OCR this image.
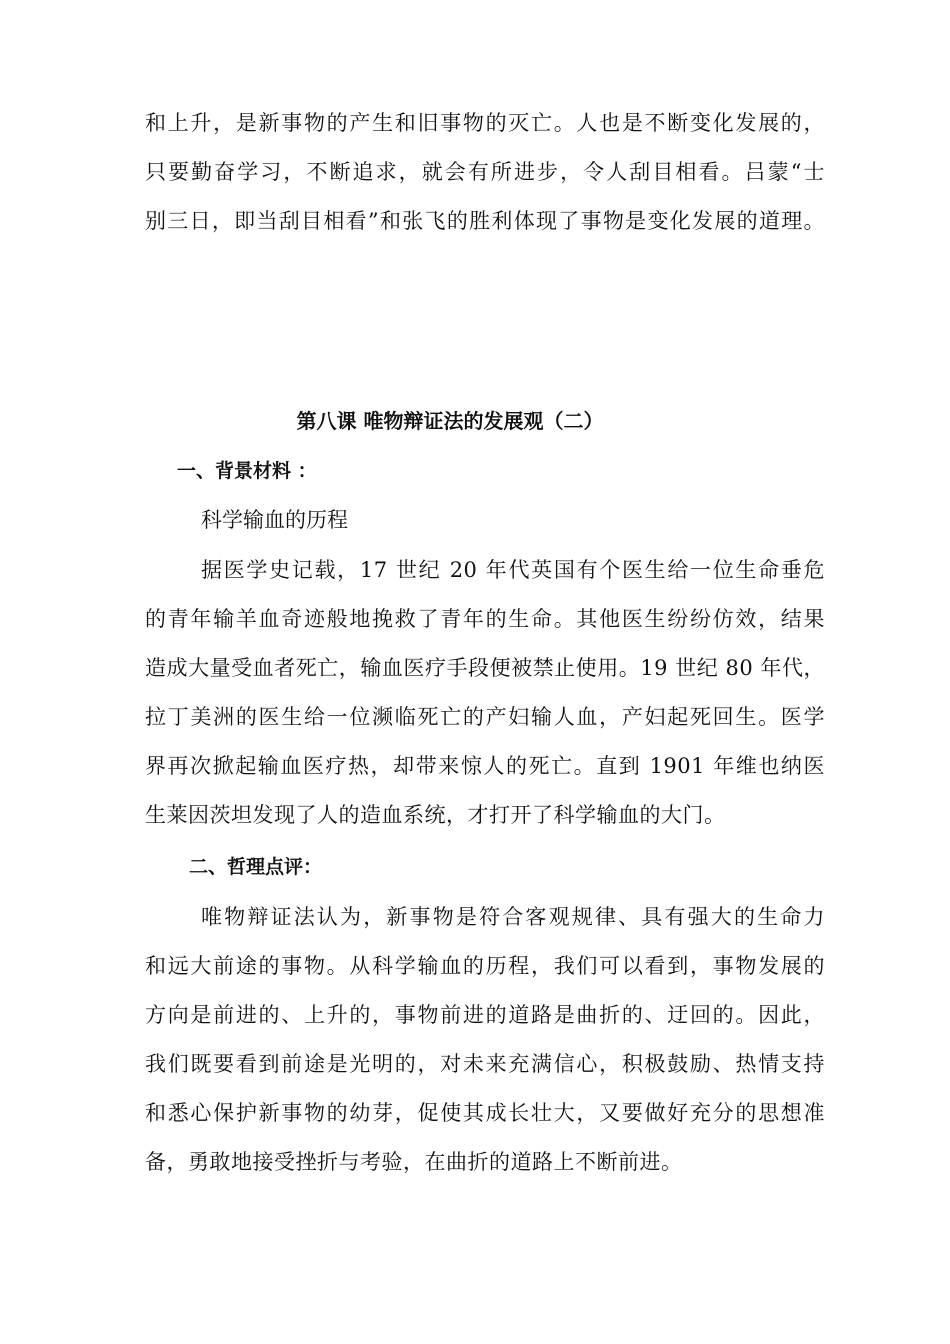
和上升，是新事物的产生和旧事物的灭亡。人也是不断变化发展的，
只要勤奋学习，不断追求，就会有所进步，令人刮目相看。吕蒙“士
别三日，即当刮目相看”和张飞的胜利体现了事物是变化发展的道理。
第八课 唯物辩证法的发展观（二）
一、背景材料 ：
科学输血的历程
据医学史记载，17 世纪 20 年代英国有个医生给一位生命垂危
的青年输羊血奇迹般地挽救了青年的生命。其他医生纷纷仿效，结果
造成大量受血者死亡，输血医疗手段便被禁止使用。19 世纪 80 年代，
拉丁美洲的医生给一位濒临死亡的产妇输人血，产妇起死回生。医学
界再次掀起输血医疗热，却带来惊人的死亡。直到 1901 年维也纳医
生莱因茨坦发现了人的造血系统，才打开了科学输血的大门。
二、哲理点评：
唯物辩证法认为，新事物是符合客观规律、具有强大的生命力
和远大前途的事物。从科学输血的历程，我们可以看到，事物发展的
方向是前进的、上升的，事物前进的道路是曲折的、迂回的。因此，
我们既要看到前途是光明的，对未来充满信心，积极鼓励、热情支持
和悉心保护新事物的幼芽，促使其成长壮大，又要做好充分的思想准
备，勇敢地接受挫折与考验，在曲折的道路上不断前进。
